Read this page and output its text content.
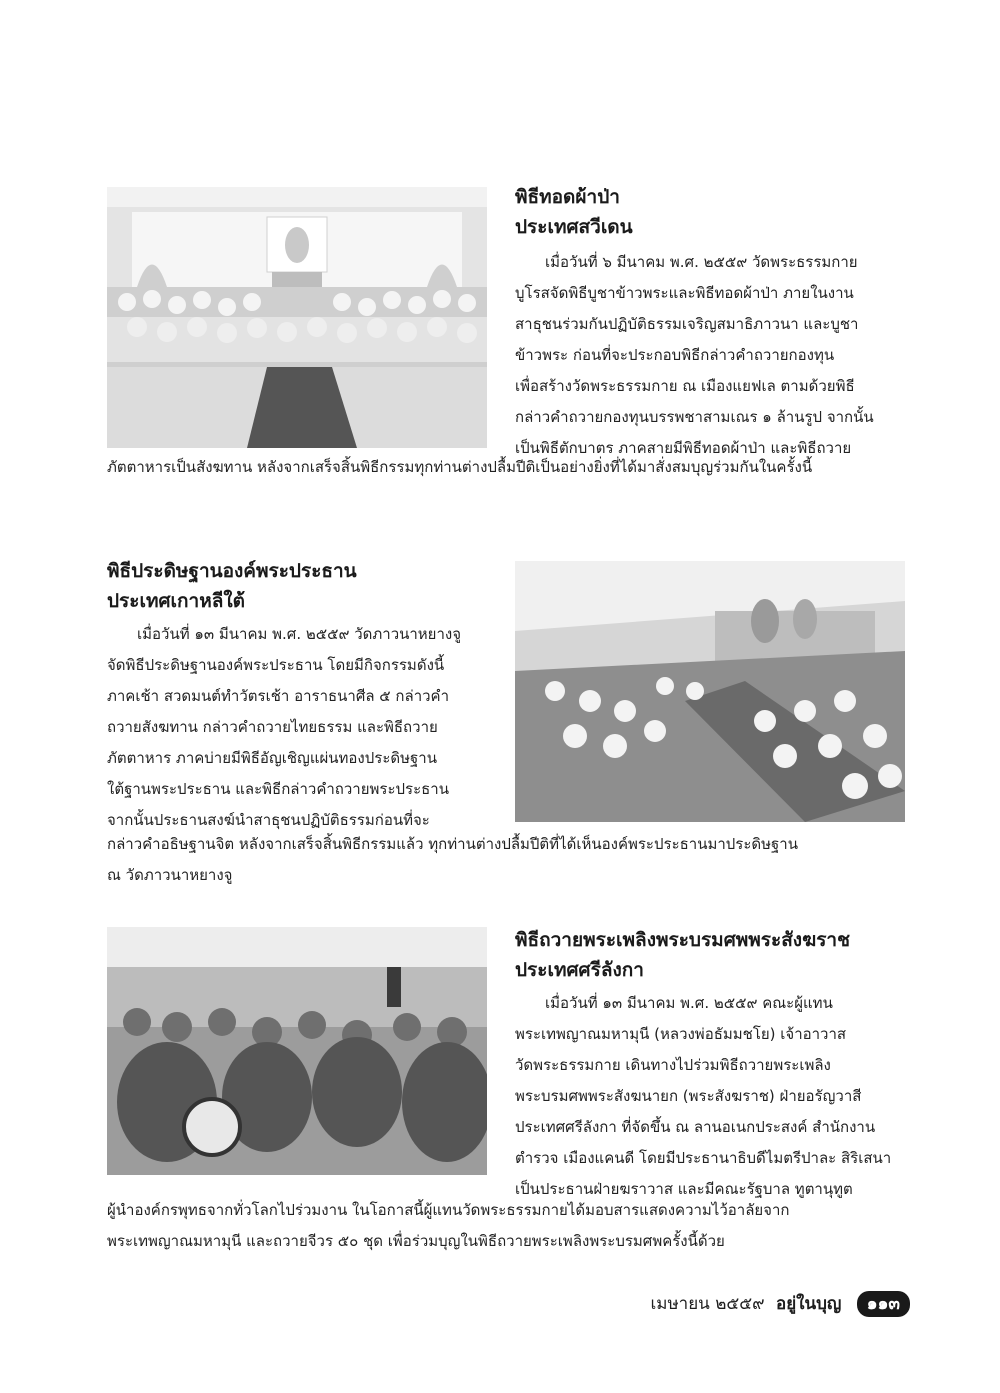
พิธีทอดผ้าป่า
ประเทศสวีเดน
เมื่อวันที่ ๖ มีนาคม พ.ศ. ๒๕๕๙ วัดพระธรรมกาย
บูโรสจัดพิธีบูชาข้าวพระและพิธีทอดผ้าป่า ภายในงาน
สาธุชนร่วมกันปฏิบัติธรรมเจริญสมาธิภาวนา และบูชา
ข้าวพระ ก่อนที่จะประกอบพิธีกล่าวคำถวายกองทุน
เพื่อสร้างวัดพระธรรมกาย ณ เมืองแยฟเล ตามด้วยพิธี
กล่าวคำถวายกองทุนบรรพชาสามเณร ๑ ล้านรูป จากนั้น
เป็นพิธีตักบาตร ภาคสายมีพิธีทอดผ้าป่า และพิธีถวาย
ภัตตาหารเป็นสังฆทาน หลังจากเสร็จสิ้นพิธีกรรมทุกท่านต่างปลื้มปีติเป็นอย่างยิ่งที่ได้มาสั่งสมบุญร่วมกันในครั้งนี้
พิธีประดิษฐานองค์พระประธาน
ประเทศเกาหลีใต้
เมื่อวันที่ ๑๓ มีนาคม พ.ศ. ๒๕๕๙ วัดภาวนาหยางจู
จัดพิธีประดิษฐานองค์พระประธาน โดยมีกิจกรรมดังนี้
ภาคเช้า สวดมนต์ทำวัตรเช้า อาราธนาศีล ๕ กล่าวคำ
ถวายสังฆทาน กล่าวคำถวายไทยธรรม และพิธีถวาย
ภัตตาหาร ภาคบ่ายมีพิธีอัญเชิญแผ่นทองประดิษฐาน
ใต้ฐานพระประธาน และพิธีกล่าวคำถวายพระประธาน
จากนั้นประธานสงฆ์นำสาธุชนปฏิบัติธรรมก่อนที่จะ
กล่าวคำอธิษฐานจิต หลังจากเสร็จสิ้นพิธีกรรมแล้ว ทุกท่านต่างปลื้มปีติที่ได้เห็นองค์พระประธานมาประดิษฐาน
ณ วัดภาวนาหยางจู
พิธีถวายพระเพลิงพระบรมศพพระสังฆราช
ประเทศศรีลังกา
เมื่อวันที่ ๑๓ มีนาคม พ.ศ. ๒๕๕๙ คณะผู้แทน
พระเทพญาณมหามุนี (หลวงพ่อธัมมชโย) เจ้าอาวาส
วัดพระธรรมกาย เดินทางไปร่วมพิธีถวายพระเพลิง
พระบรมศพพระสังฆนายก (พระสังฆราช) ฝ่ายอรัญวาสี
ประเทศศรีลังกา ที่จัดขึ้น ณ ลานอเนกประสงค์ สำนักงาน
ตำรวจ เมืองแคนดี โดยมีประธานาธิบดีไมตรีปาละ สิริเสนา
เป็นประธานฝ่ายฆราวาส และมีคณะรัฐบาล ทูตานุทูต
ผู้นำองค์กรพุทธจากทั่วโลกไปร่วมงาน ในโอกาสนี้ผู้แทนวัดพระธรรมกายได้มอบสารแสดงความไว้อาลัยจาก
พระเทพญาณมหามุนี และถวายจีวร ๕๐ ชุด เพื่อร่วมบุญในพิธีถวายพระเพลิงพระบรมศพครั้งนี้ด้วย
เมษายน ๒๕๕๙ อยู่ในบุญ ๑๑๓
